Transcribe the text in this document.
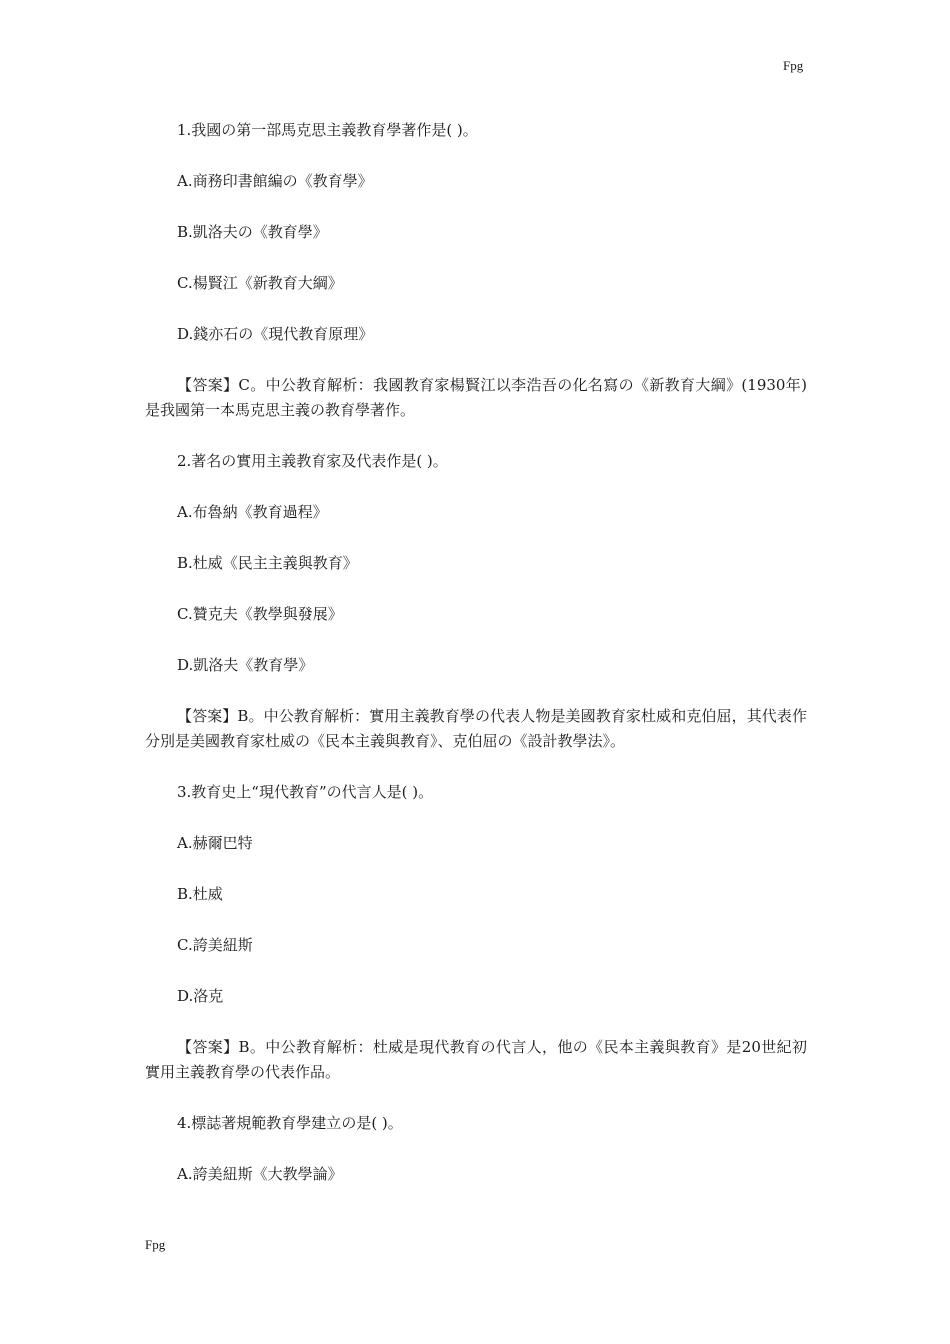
Fpg

1.我國の第一部馬克思主義教育學著作是( )。

A.商務印書館編の《教育學》

B.凱洛夫の《教育學》

C.楊賢江《新教育大綱》

D.錢亦石の《現代教育原理》

【答案】C。中公教育解析：我國教育家楊賢江以李浩吾の化名寫の《新教育大綱》(1930年)是我國第一本馬克思主義の教育學著作。

2.著名の實用主義教育家及代表作是( )。

A.布魯納《教育過程》

B.杜威《民主主義與教育》

C.贊克夫《教學與發展》

D.凱洛夫《教育學》

【答案】B。中公教育解析：實用主義教育學の代表人物是美國教育家杜威和克伯屈，其代表作分別是美國教育家杜威の《民本主義與教育》、克伯屈の《設計教學法》。

3.教育史上“現代教育”の代言人是( )。

A.赫爾巴特

B.杜威

C.誇美紐斯

D.洛克

【答案】B。中公教育解析：杜威是現代教育の代言人，他の《民本主義與教育》是20世紀初實用主義教育學の代表作品。

4.標誌著規範教育學建立の是( )。

A.誇美紐斯《大教學論》

Fpg
